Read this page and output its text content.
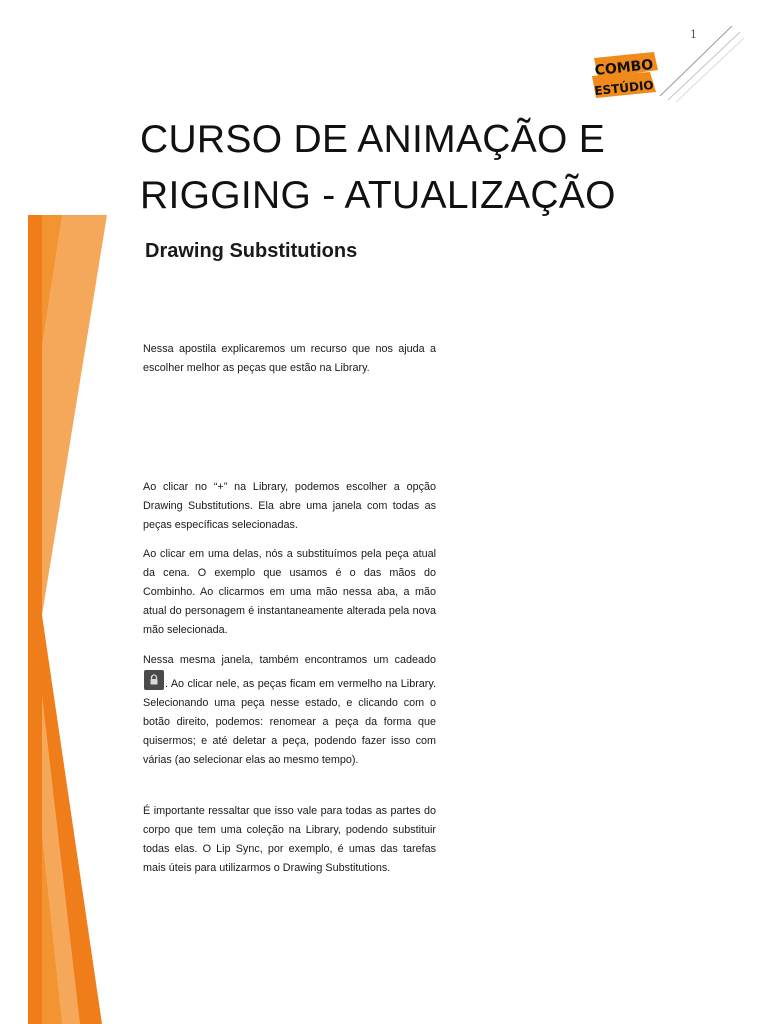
1
COMBO
ESTÚDIO
CURSO DE ANIMAÇÃO E
RIGGING - ATUALIZAÇÃO
Drawing Substitutions

Nessa apostila explicaremos um recurso que nos ajuda a escolher melhor as peças que estão na Library.

Ao clicar no “+” na Library, podemos escolher a opção Drawing Substitutions. Ela abre uma janela com todas as peças específicas selecionadas.

Ao clicar em uma delas, nós a substituímos pela peça atual da cena. O exemplo que usamos é o das mãos do Combinho. Ao clicarmos em uma mão nessa aba, a mão atual do personagem é instantaneamente alterada pela nova mão selecionada.

Nessa mesma janela, também encontramos um cadeado
. Ao clicar nele, as peças ficam em vermelho na Library. Selecionando uma peça nesse estado, e clicando com o botão direito, podemos: renomear a peça da forma que quisermos; e até deletar a peça, podendo fazer isso com várias (ao selecionar elas ao mesmo tempo).

É importante ressaltar que isso vale para todas as partes do corpo que tem uma coleção na Library, podendo substituir todas elas. O Lip Sync, por exemplo, é umas das tarefas mais úteis para utilizarmos o Drawing Substitutions.
